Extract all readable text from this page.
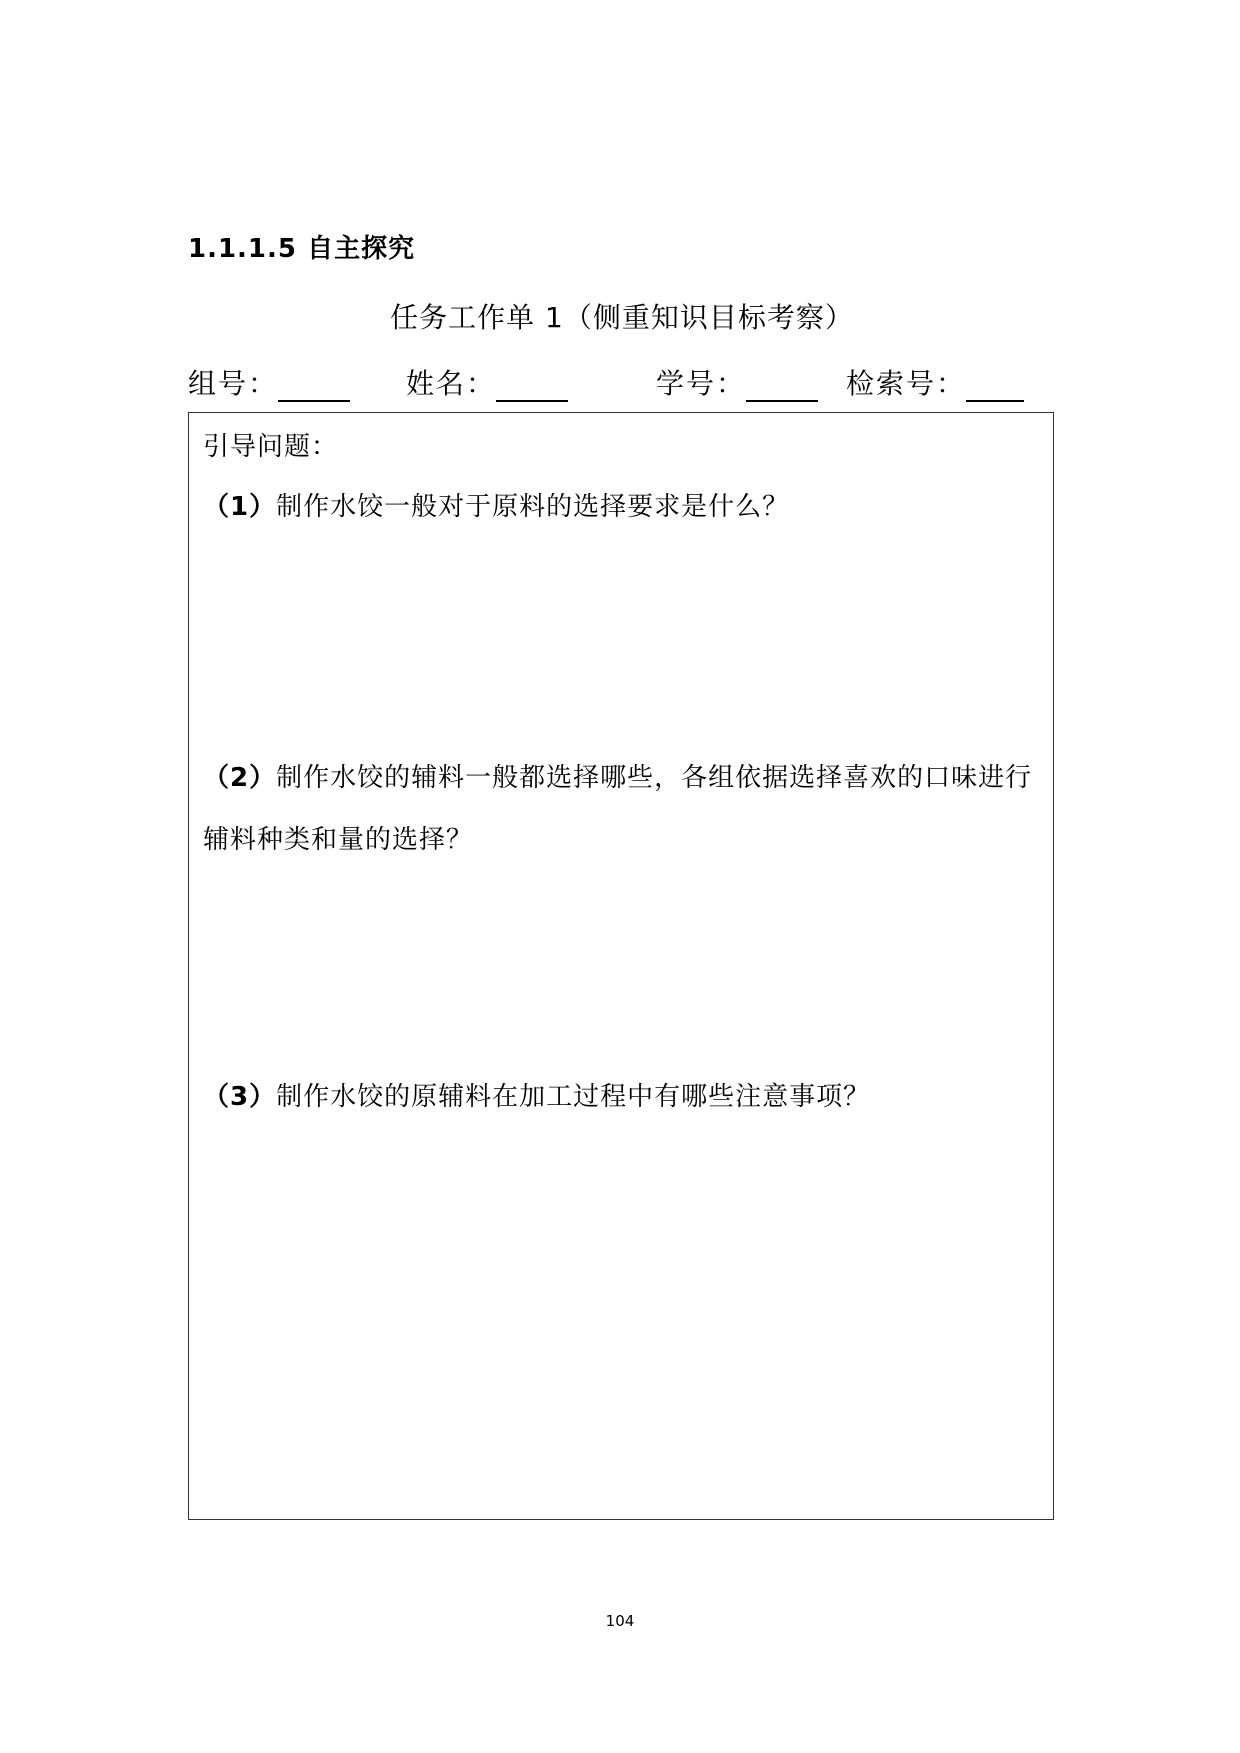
1.1.1.5 自主探究
任务工作单 1（侧重知识目标考察）
组号：	姓名：	学号：	检索号：
引导问题：
（1）制作水饺一般对于原料的选择要求是什么？
（2）制作水饺的辅料一般都选择哪些，各组依据选择喜欢的口味进行辅料种类和量的选择？
（3）制作水饺的原辅料在加工过程中有哪些注意事项？
104
